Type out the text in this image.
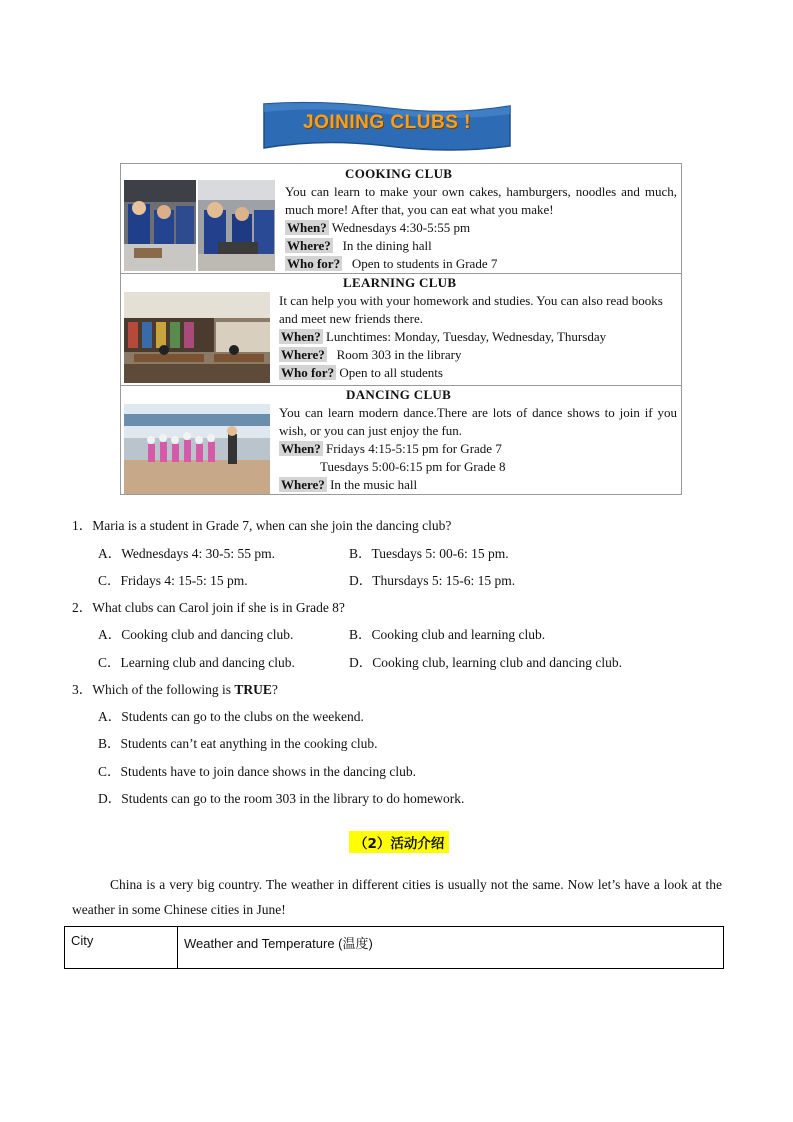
JOINING CLUBS !
COOKING CLUB
You can learn to make your own cakes, hamburgers, noodles and much, much more! After that, you can eat what you make!
When? Wednesdays 4:30-5:55 pm
Where? In the dining hall
Who for? Open to students in Grade 7
LEARNING CLUB
It can help you with your homework and studies. You can also read books and meet new friends there.
When? Lunchtimes: Monday, Tuesday, Wednesday, Thursday
Where? Room 303 in the library
Who for? Open to all students
DANCING CLUB
You can learn modern dance.There are lots of dance shows to join if you wish, or you can just enjoy the fun.
When? Fridays 4:15-5:15 pm for Grade 7
Tuesdays 5:00-6:15 pm for Grade 8
Where? In the music hall
1．Maria is a student in Grade 7, when can she join the dancing club?
A．Wednesdays 4: 30-5: 55 pm.	B．Tuesdays 5: 00-6: 15 pm.
C．Fridays 4: 15-5: 15 pm.	D．Thursdays 5: 15-6: 15 pm.
2．What clubs can Carol join if she is in Grade 8?
A．Cooking club and dancing club.	B．Cooking club and learning club.
C．Learning club and dancing club.	D．Cooking club, learning club and dancing club.
3．Which of the following is TRUE?
A．Students can go to the clubs on the weekend.
B．Students can’t eat anything in the cooking club.
C．Students have to join dance shows in the dancing club.
D．Students can go to the room 303 in the library to do homework.
（2）活动介绍
China is a very big country. The weather in different cities is usually not the same. Now let’s have a look at the weather in some Chinese cities in June!
City	Weather and Temperature (温度)
